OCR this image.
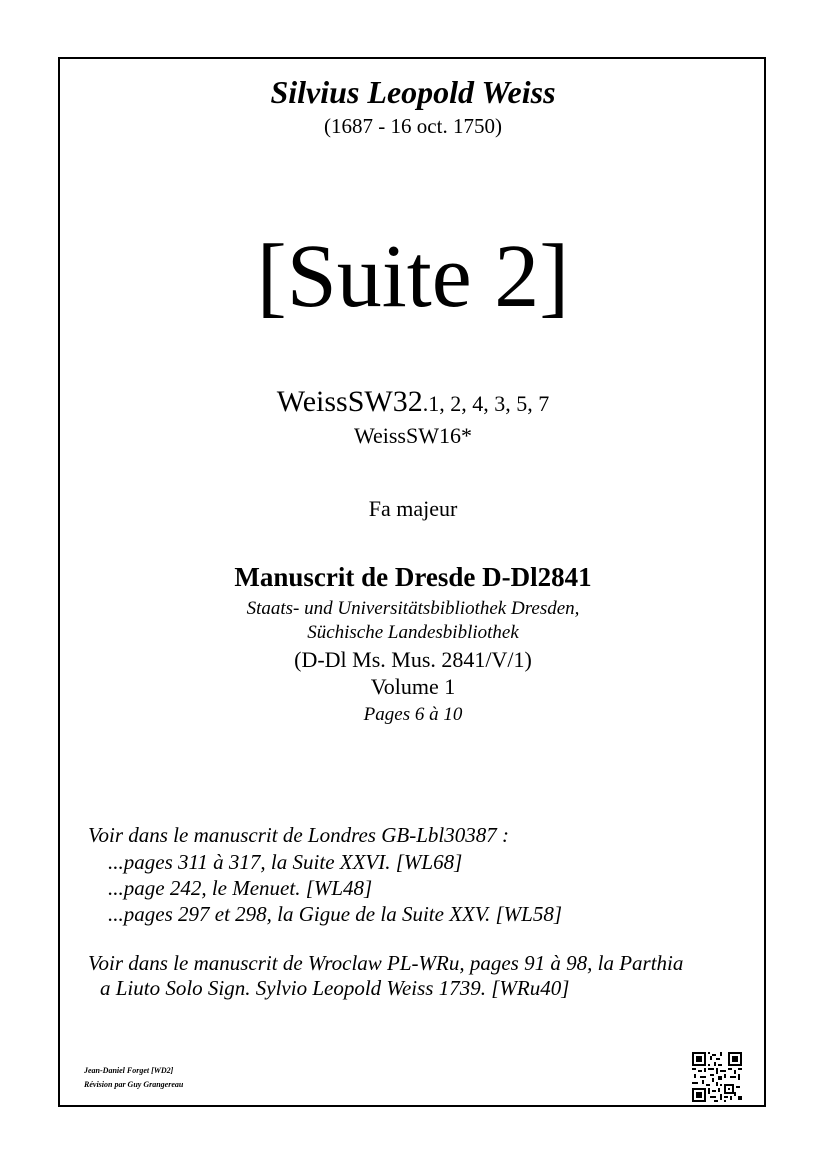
Silvius Leopold Weiss
(1687 - 16 oct. 1750)
[Suite 2]
WeissSW32.1, 2, 4, 3, 5, 7
WeissSW16*
Fa majeur
Manuscrit de Dresde D-Dl2841
Staats- und Universitätsbibliothek Dresden,
Süchische Landesbibliothek
(D-Dl Ms. Mus. 2841/V/1)
Volume 1
Pages 6 à 10
Voir dans le manuscrit de Londres GB-Lbl30387 :
...pages 311 à 317, la Suite XXVI. [WL68]
...page 242, le Menuet. [WL48]
...pages 297 et 298, la Gigue de la Suite XXV. [WL58]
Voir dans le manuscrit de Wroclaw PL-WRu, pages 91 à 98, la Parthia
a Liuto Solo Sign. Sylvio Leopold Weiss 1739. [WRu40]
Jean-Daniel Forget [WD2]
Révision par Guy Grangereau
